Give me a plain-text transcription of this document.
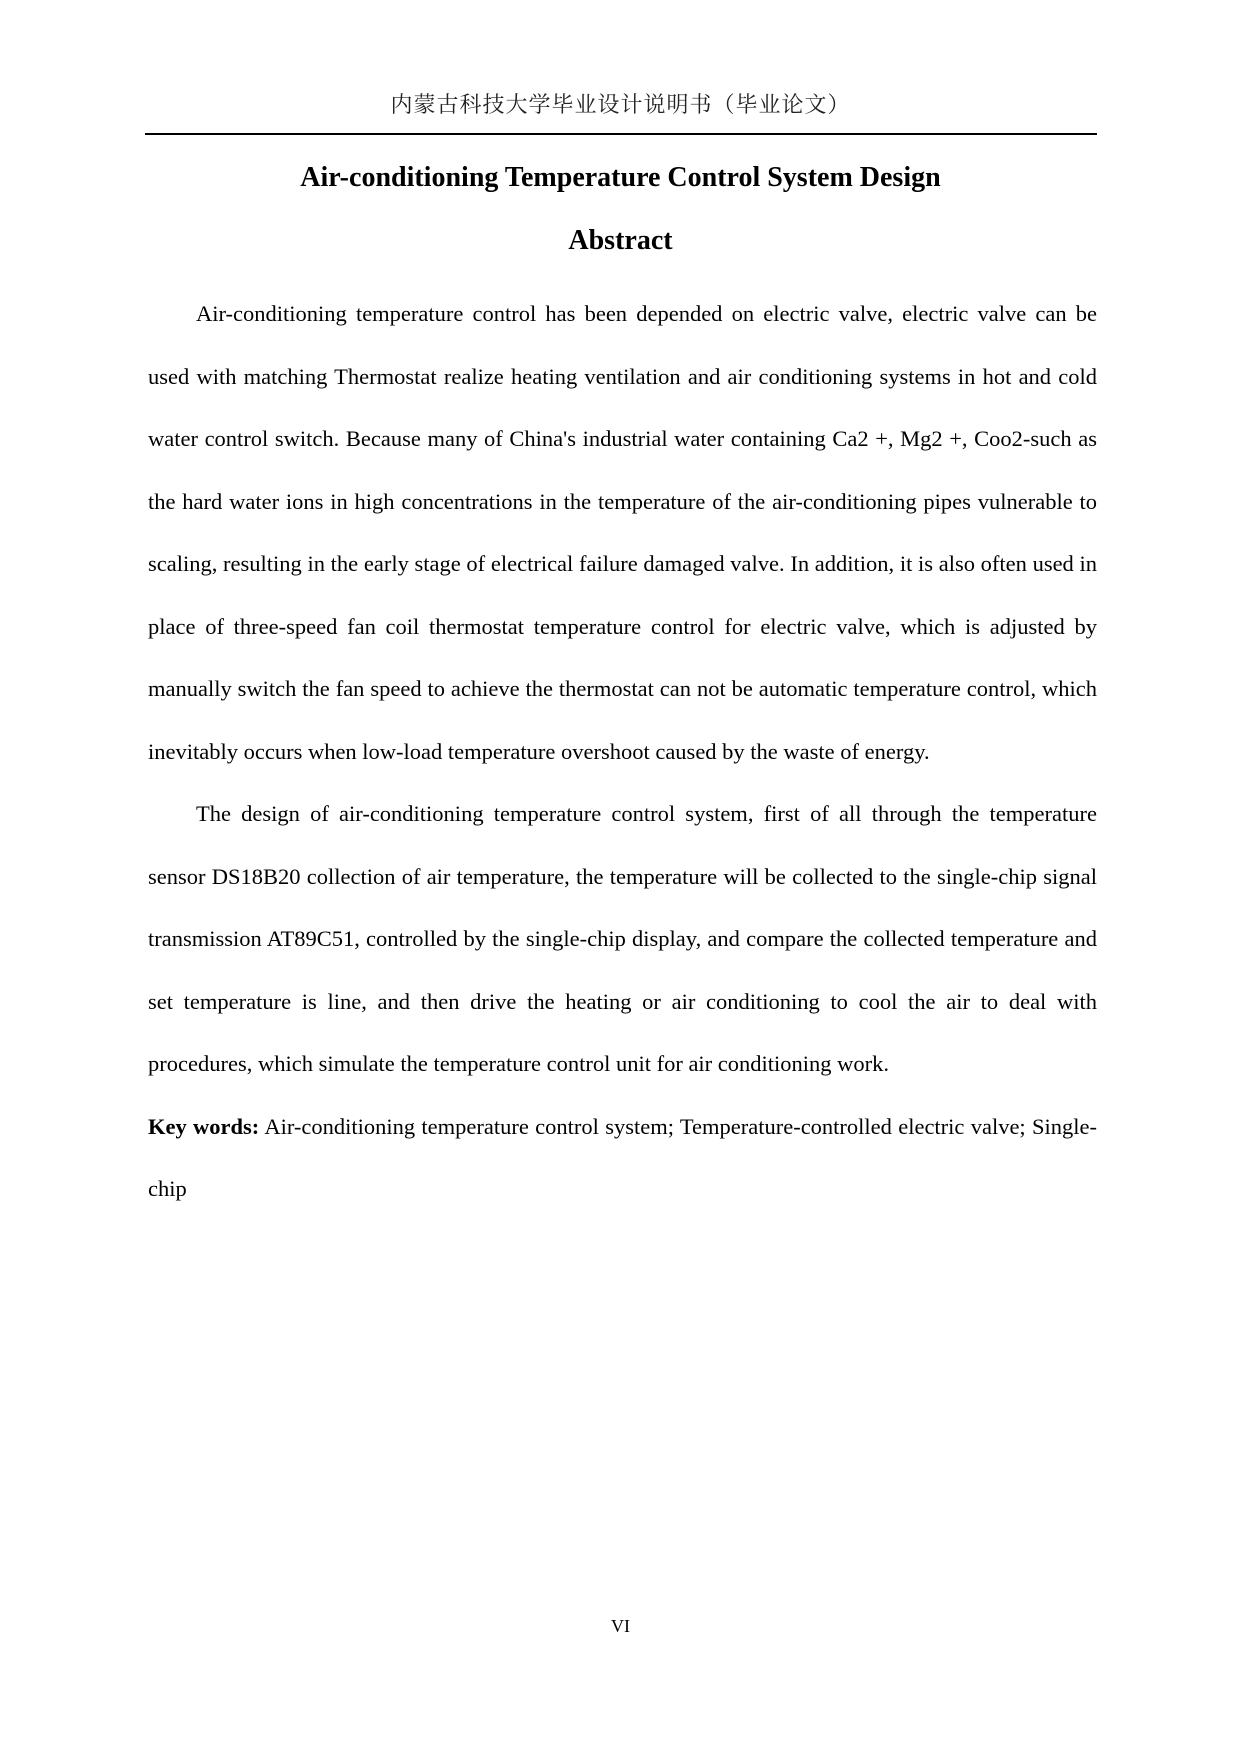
内蒙古科技大学毕业设计说明书（毕业论文）
Air-conditioning Temperature Control System Design
Abstract

Air-conditioning temperature control has been depended on electric valve, electric valve can be used with matching Thermostat realize heating ventilation and air conditioning systems in hot and cold water control switch. Because many of China's industrial water containing Ca2 +, Mg2 +, Coo2-such as the hard water ions in high concentrations in the temperature of the air-conditioning pipes vulnerable to scaling, resulting in the early stage of electrical failure damaged valve. In addition, it is also often used in place of three-speed fan coil thermostat temperature control for electric valve, which is adjusted by manually switch the fan speed to achieve the thermostat can not be automatic temperature control, which inevitably occurs when low-load temperature overshoot caused by the waste of energy.

The design of air-conditioning temperature control system, first of all through the temperature sensor DS18B20 collection of air temperature, the temperature will be collected to the single-chip signal transmission AT89C51, controlled by the single-chip display, and compare the collected temperature and set temperature is line, and then drive the heating or air conditioning to cool the air to deal with procedures, which simulate the temperature control unit for air conditioning work.

Key words: Air-conditioning temperature control system; Temperature-controlled electric valve; Single-chip

VI
